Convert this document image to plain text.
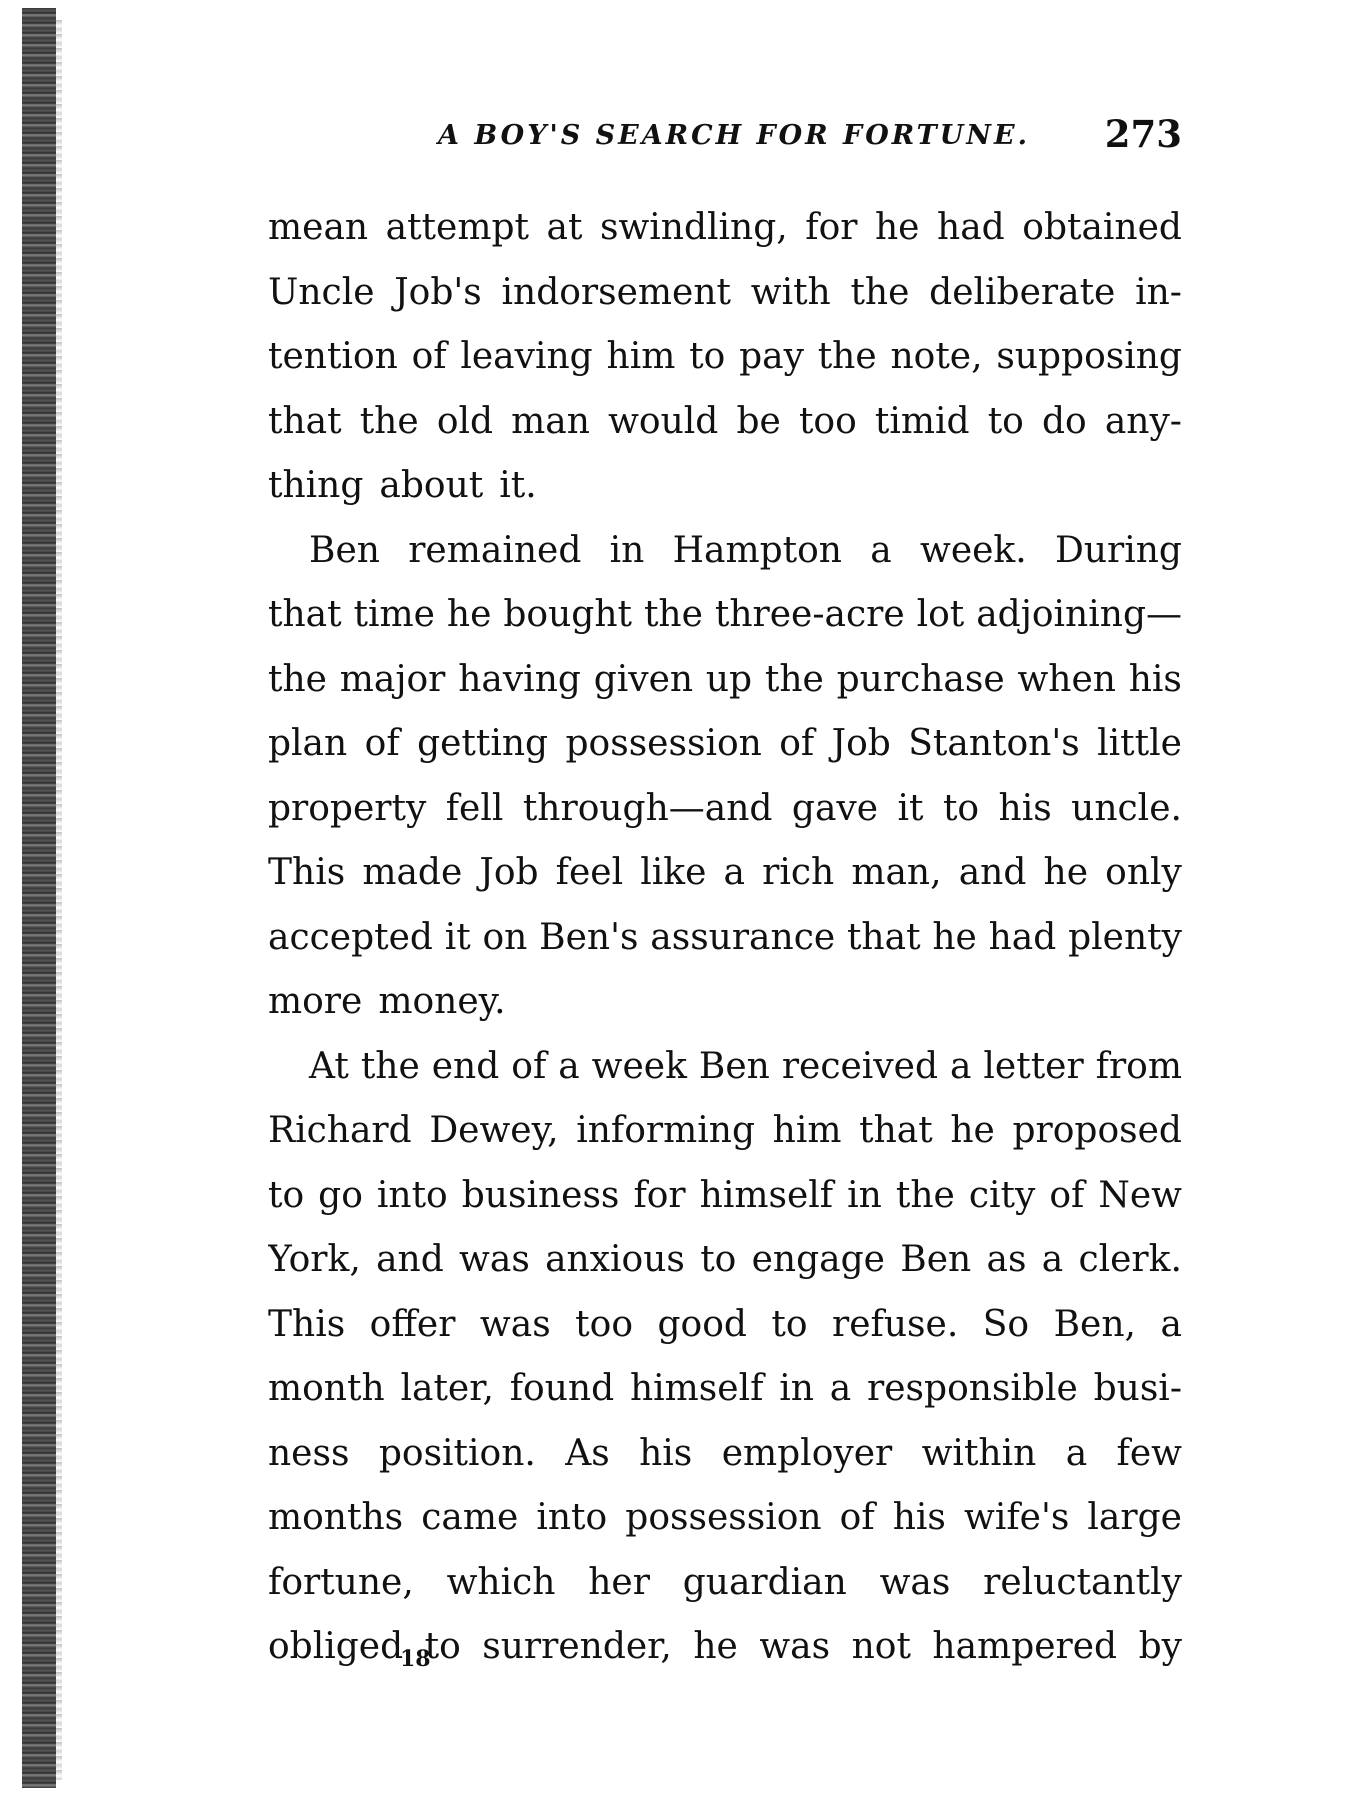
A BOY'S SEARCH FOR FORTUNE. 273
mean attempt at swindling, for he had obtained
Uncle Job's indorsement with the deliberate in-
tention of leaving him to pay the note, supposing
that the old man would be too timid to do any-
thing about it.
Ben remained in Hampton a week. During
that time he bought the three-acre lot adjoining—
the major having given up the purchase when his
plan of getting possession of Job Stanton's little
property fell through—and gave it to his uncle.
This made Job feel like a rich man, and he only
accepted it on Ben's assurance that he had plenty
more money.
At the end of a week Ben received a letter from
Richard Dewey, informing him that he proposed
to go into business for himself in the city of New
York, and was anxious to engage Ben as a clerk.
This offer was too good to refuse. So Ben, a
month later, found himself in a responsible busi-
ness position. As his employer within a few
months came into possession of his wife's large
fortune, which her guardian was reluctantly
obliged to surrender, he was not hampered by
18
